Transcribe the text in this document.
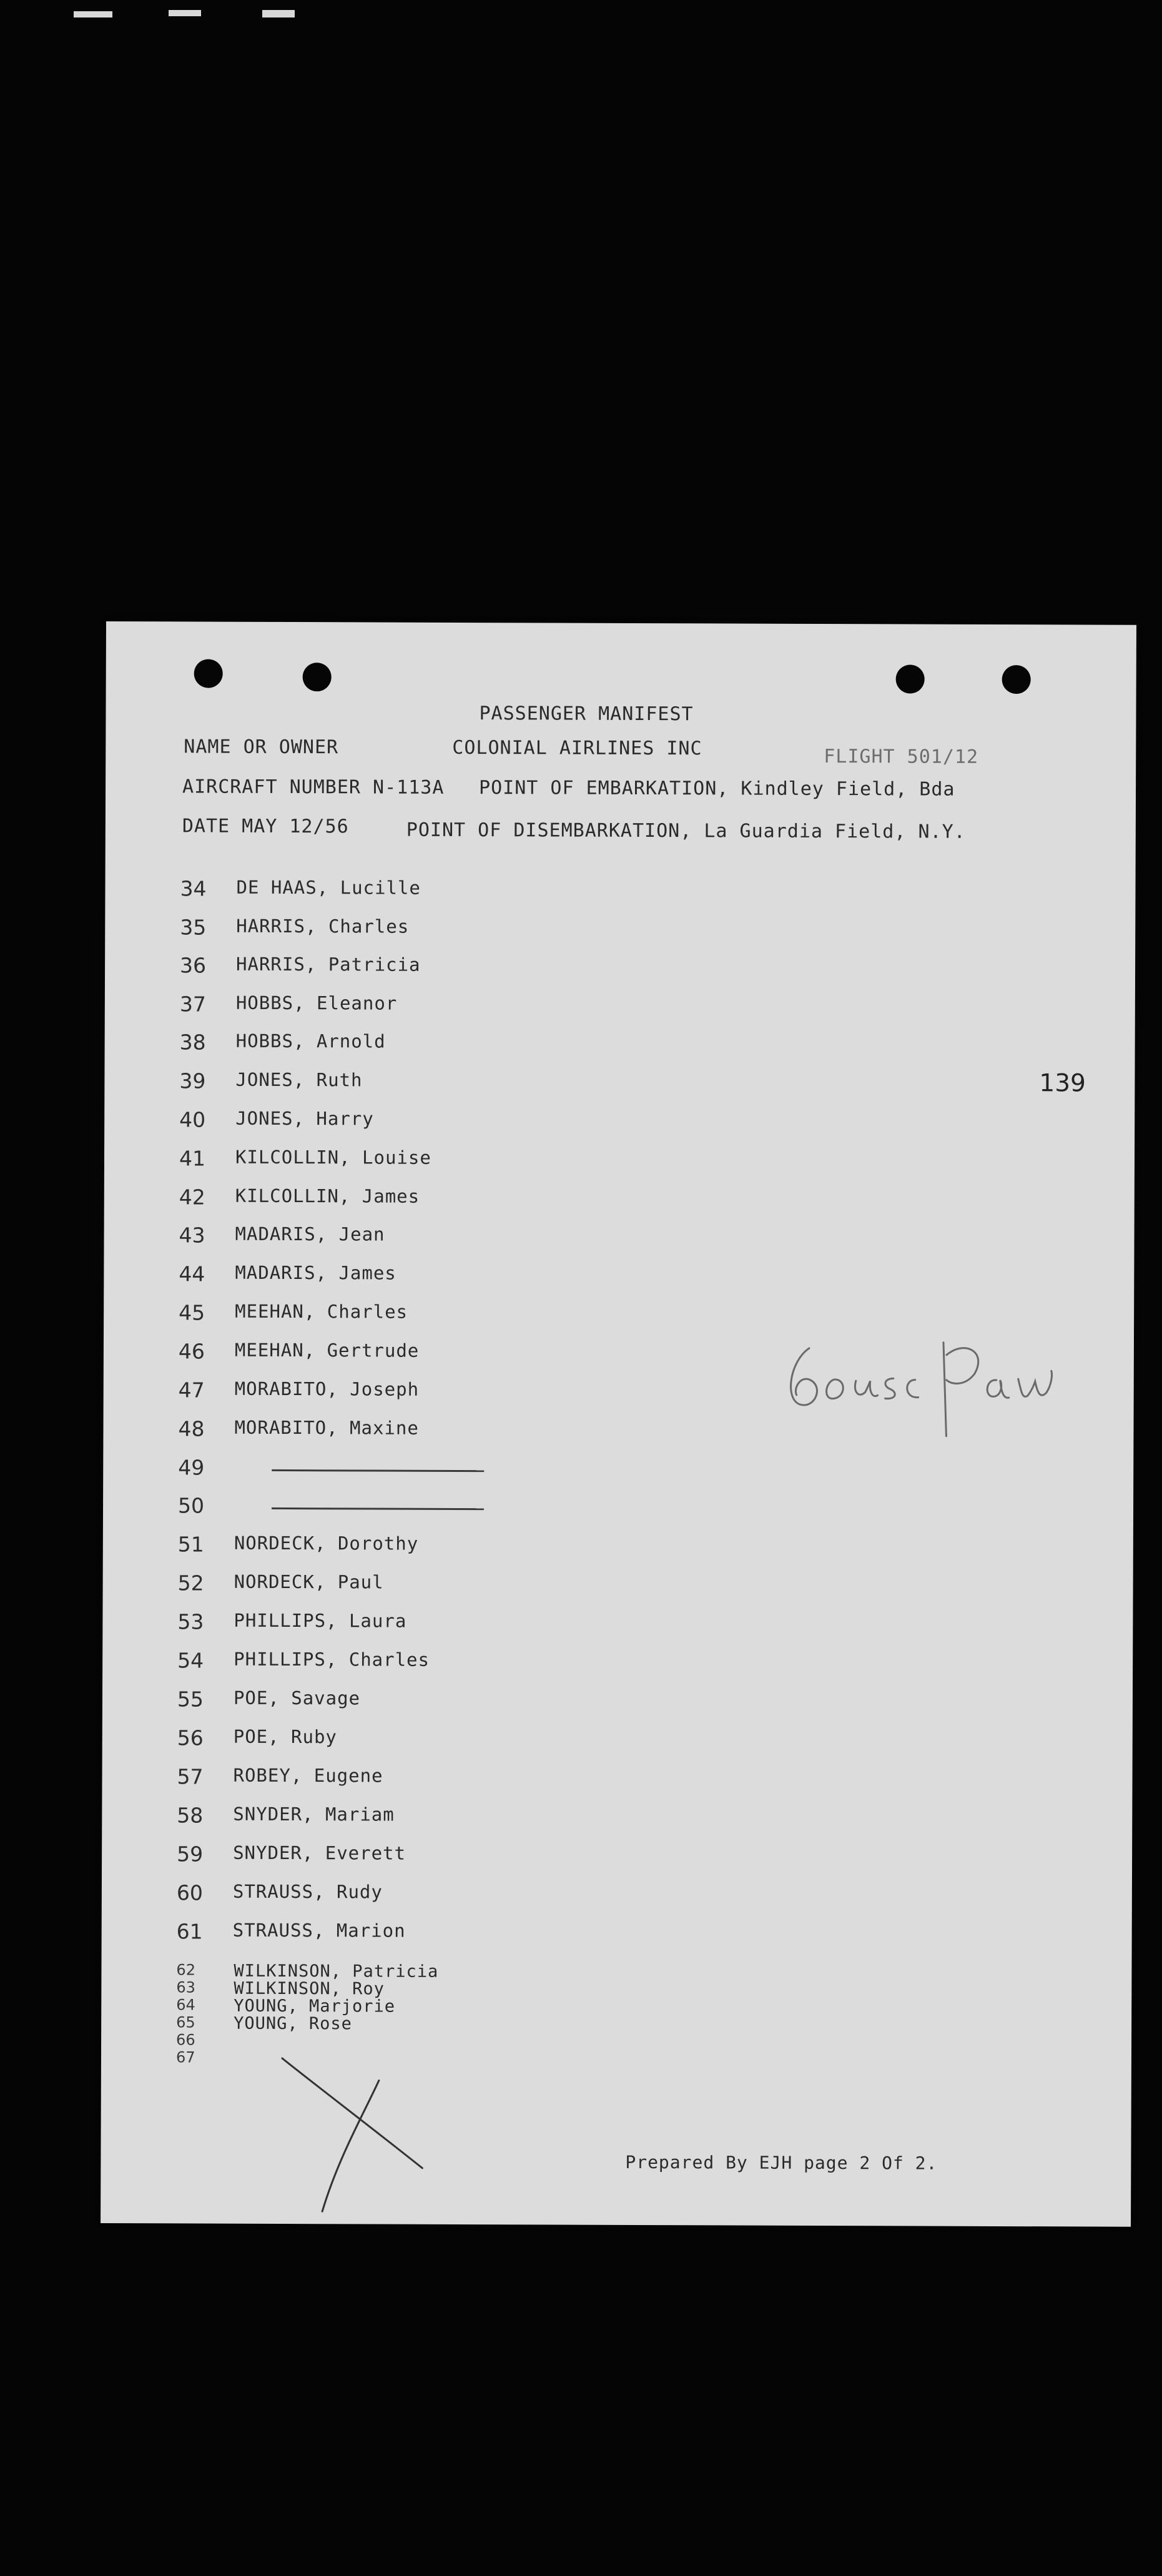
PASSENGER MANIFEST
NAME OR OWNER	COLONIAL AIRLINES INC	FLIGHT 501/12
AIRCRAFT NUMBER N-113A POINT OF EMBARKATION, Kindley Field, Bda
DATE MAY 12/56	POINT OF DISEMBARKATION, La Guardia Field, N.Y.
34	DE HAAS, Lucille
35	HARRIS, Charles
36	HARRIS, Patricia
37	HOBBS, Eleanor
38	HOBBS, Arnold
39	JONES, Ruth
40	JONES, Harry
41	KILCOLLIN, Louise
42	KILCOLLIN, James
43	MADARIS, Jean
44	MADARIS, James
45	MEEHAN, Charles
46	MEEHAN, Gertrude
47	MORABITO, Joseph
48	MORABITO, Maxine
49
50
51	NORDECK, Dorothy
52	NORDECK, Paul
53	PHILLIPS, Laura
54	PHILLIPS, Charles
55	POE, Savage
56	POE, Ruby
57	ROBEY, Eugene
58	SNYDER, Mariam
59	SNYDER, Everett
60	STRAUSS, Rudy
61	STRAUSS, Marion
62 WILKINSON, Patricia
63 WILKINSON, Roy
64 YOUNG, Marjorie
65 YOUNG, Rose
66
67
139
Prepared By EJH page 2 Of 2.
